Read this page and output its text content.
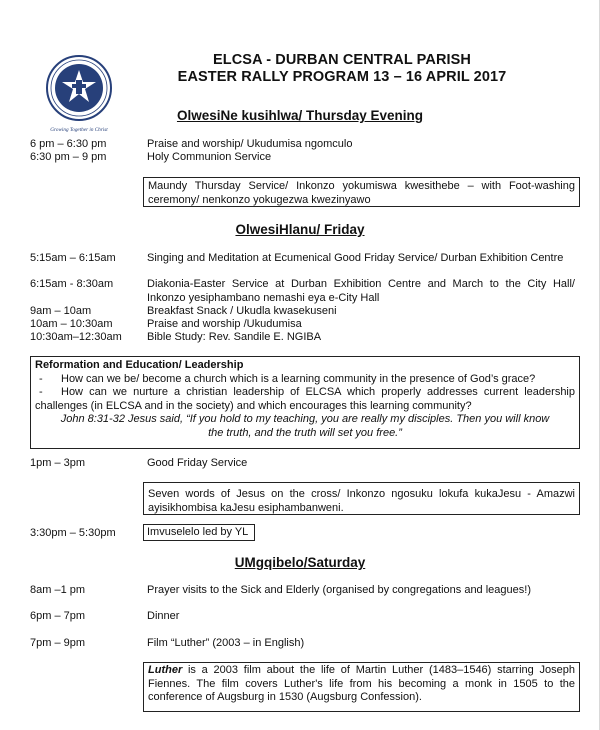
Growing Together in Christ
ELCSA - DURBAN CENTRAL PARISH
EASTER RALLY PROGRAM 13 – 16 APRIL 2017
OlwesiNe kusihlwa/ Thursday Evening
6 pm – 6:30 pm	Praise and worship/ Ukudumisa ngomculo
6:30 pm – 9 pm	Holy Communion Service
Maundy Thursday Service/ Inkonzo yokumiswa kwesithebe – with Foot-washing ceremony/ nenkonzo yokugezwa kwezinyawo
OlwesiHlanu/ Friday
5:15am – 6:15am	Singing and Meditation at Ecumenical Good Friday Service/ Durban Exhibition Centre
6:15am - 8:30am	Diakonia-Easter Service at Durban Exhibition Centre and March to the City Hall/ Inkonzo yesiphambano nemashi eya e-City Hall
9am – 10am	Breakfast Snack / Ukudla kwasekuseni
10am – 10:30am	Praise and worship /Ukudumisa
10:30am–12:30am	Bible Study: Rev. Sandile E. NGIBA
Reformation and Education/ Leadership
-	How can we be/ become a church which is a learning community in the presence of God’s grace?
- How can we nurture a christian leadership of ELCSA which properly addresses current leadership challenges (in ELCSA and in the society) and which encourages this learning community?
John 8:31-32 Jesus said, “If you hold to my teaching, you are really my disciples. Then you will know the truth, and the truth will set you free.”
1pm – 3pm	Good Friday Service
Seven words of Jesus on the cross/ Inkonzo ngosuku lokufa kukaJesu - Amazwi ayisikhombisa kaJesu esiphambanweni.
3:30pm – 5:30pm	Imvuselelo led by YL
UMgqibelo/Saturday
8am –1 pm	Prayer visits to the Sick and Elderly (organised by congregations and leagues!)
6pm – 7pm	Dinner
7pm – 9pm	Film “Luther” (2003 – in English)
Luther is a 2003 film about the life of Martin Luther (1483–1546) starring Joseph Fiennes. The film covers Luther's life from his becoming a monk in 1505 to the conference of Augsburg in 1530 (Augsburg Confession).
